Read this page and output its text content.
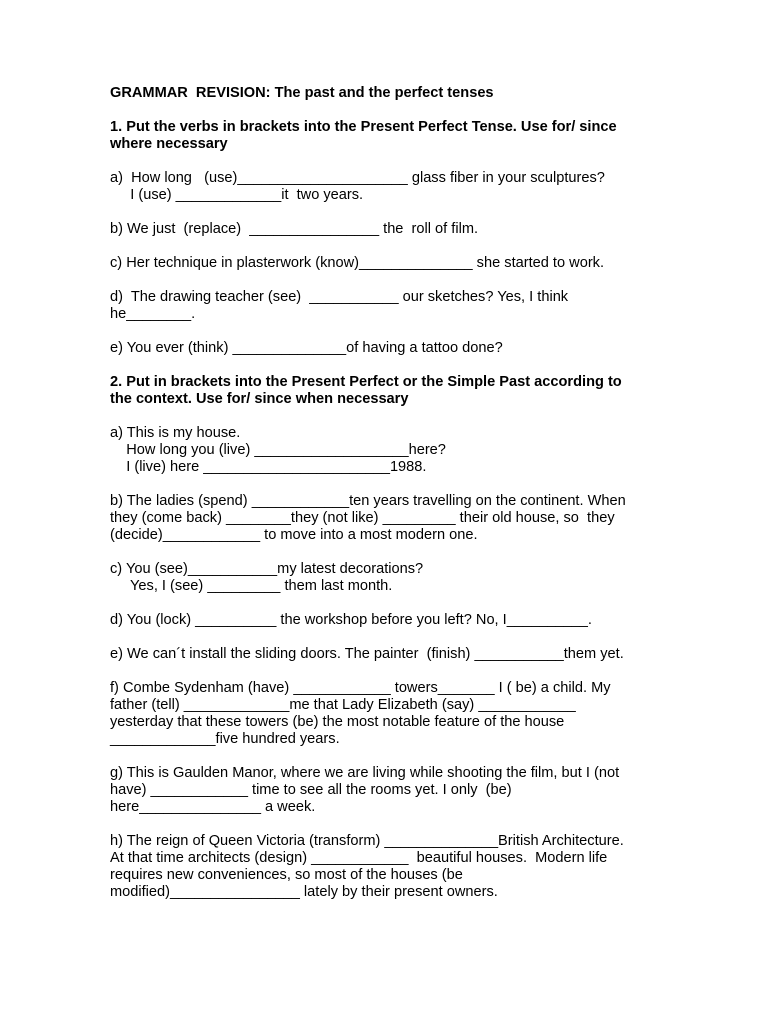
GRAMMAR  REVISION: The past and the perfect tenses
1. Put the verbs in brackets into the Present Perfect Tense. Use for/ since
where necessary
a)  How long   (use)_____________________ glass fiber in your sculptures?
I (use) _____________it  two years.
b) We just  (replace)  ________________ the  roll of film.
c) Her technique in plasterwork (know)______________ she started to work.
d)  The drawing teacher (see)  ___________ our sketches? Yes, I think
he________.
e) You ever (think) ______________of having a tattoo done?
2. Put in brackets into the Present Perfect or the Simple Past according to
the context. Use for/ since when necessary
a) This is my house.
How long you (live) ___________________here?
I (live) here _______________________1988.
b) The ladies (spend) ____________ten years travelling on the continent. When
they (come back) ________they (not like) _________ their old house, so  they
(decide)____________ to move into a most modern one.
c) You (see)___________my latest decorations?
Yes, I (see) _________ them last month.
d) You (lock) __________ the workshop before you left? No, I__________.
e) We can´t install the sliding doors. The painter  (finish) ___________them yet.
f) Combe Sydenham (have) ____________ towers_______ I ( be) a child. My
father (tell) _____________me that Lady Elizabeth (say) ____________
yesterday that these towers (be) the most notable feature of the house
_____________five hundred years.
g) This is Gaulden Manor, where we are living while shooting the film, but I (not
have) ____________ time to see all the rooms yet. I only  (be)
here_______________ a week.
h) The reign of Queen Victoria (transform) ______________British Architecture.
At that time architects (design) ____________  beautiful houses.  Modern life
requires new conveniences, so most of the houses (be
modified)________________ lately by their present owners.
